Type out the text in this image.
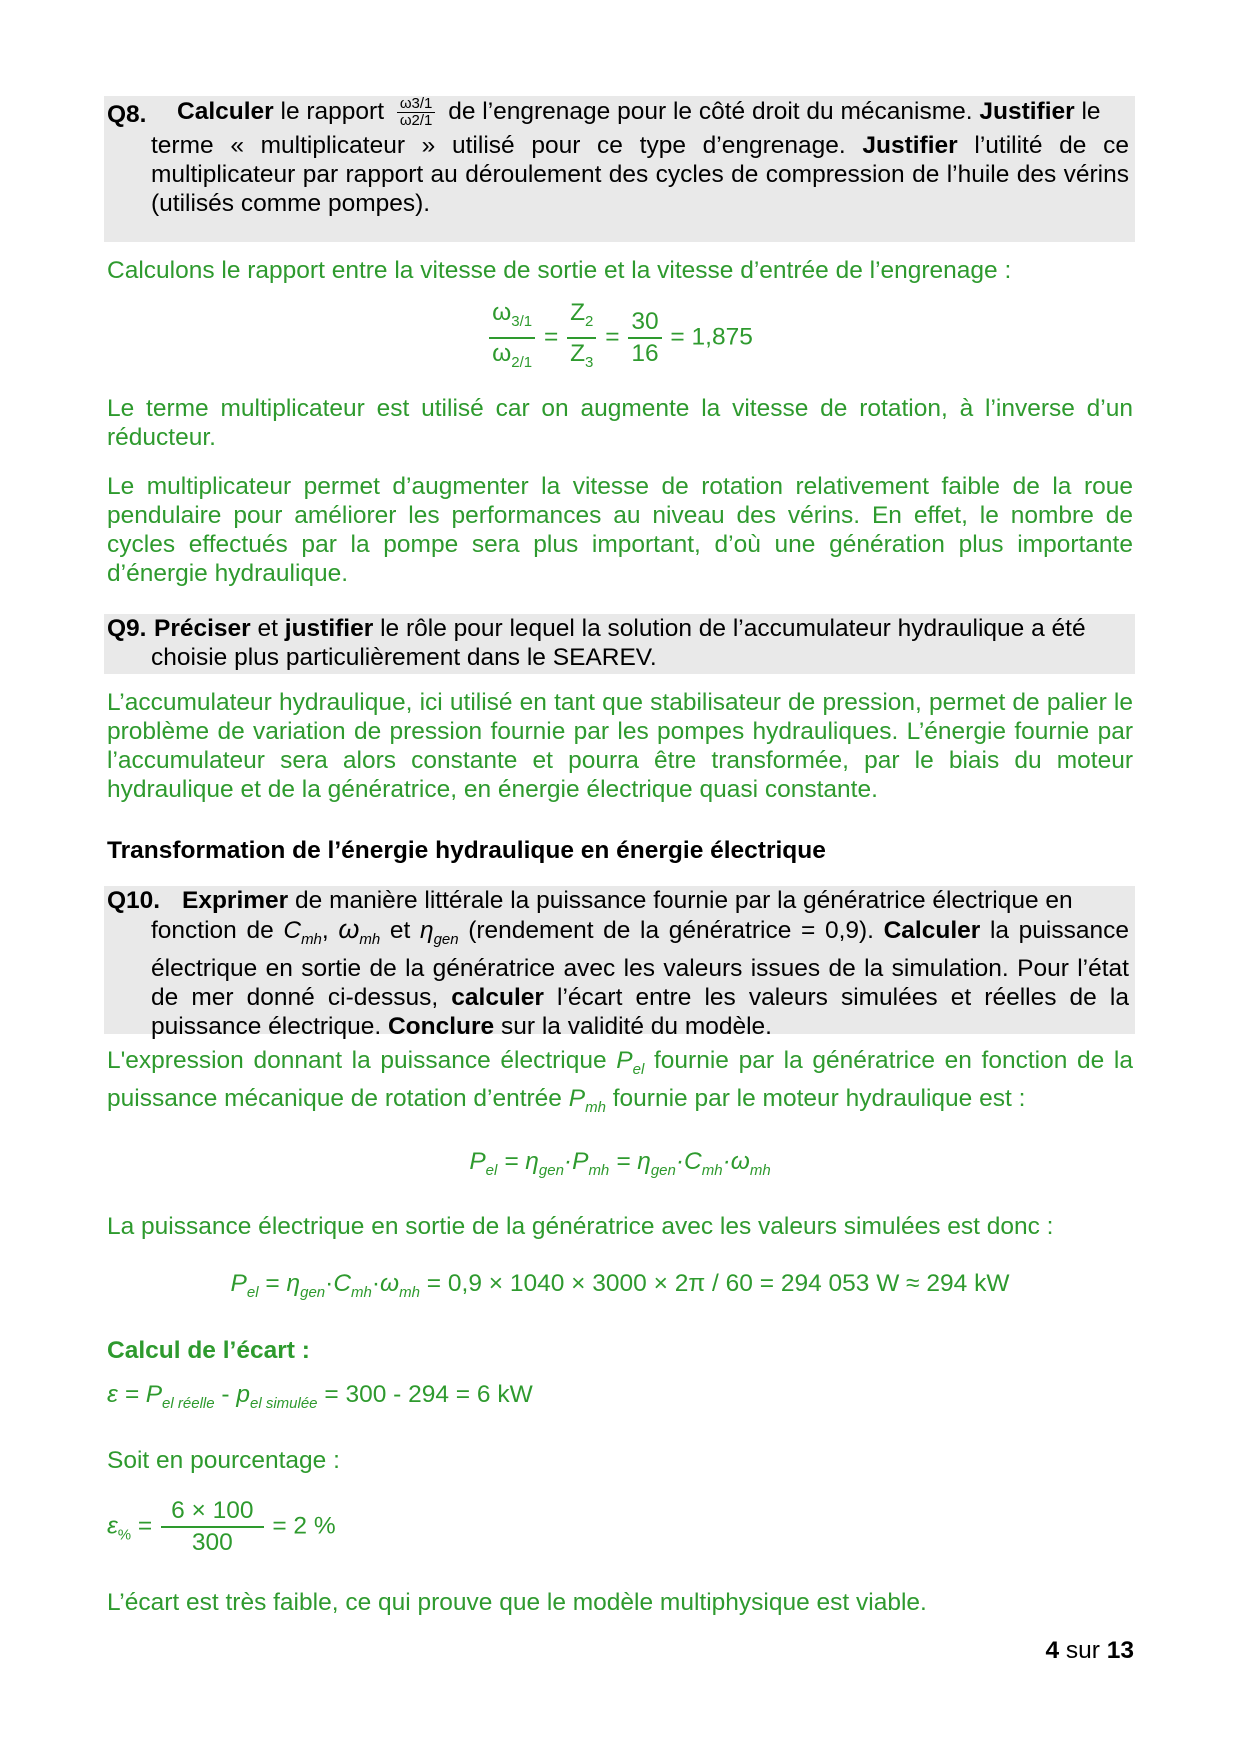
Q8.	Calculer le rapport $\frac{\omega 3/1}{\omega 2/1}$ de l’engrenage pour le côté droit du mécanisme. Justifier le
terme « multiplicateur » utilisé pour ce type d’engrenage. Justifier l’utilité de ce multiplicateur par rapport au déroulement des cycles de compression de l’huile des vérins (utilisés comme pompes).
Calculons le rapport entre la vitesse de sortie et la vitesse d’entrée de l’engrenage :
$\frac{\omega_{3/1}}{\omega_{2/1}} = \frac{Z_2}{Z_3} = \frac{30}{16} = 1,875$
Le terme multiplicateur est utilisé car on augmente la vitesse de rotation, à l’inverse d’un réducteur.
Le multiplicateur permet d’augmenter la vitesse de rotation relativement faible de la roue pendulaire pour améliorer les performances au niveau des vérins. En effet, le nombre de cycles effectués par la pompe sera plus important, d’où une génération plus importante d’énergie hydraulique.
Q9. Préciser et justifier le rôle pour lequel la solution de l’accumulateur hydraulique a été
choisie plus particulièrement dans le SEAREV.
L’accumulateur hydraulique, ici utilisé en tant que stabilisateur de pression, permet de palier le problème de variation de pression fournie par les pompes hydrauliques. L’énergie fournie par l’accumulateur sera alors constante et pourra être transformée, par le biais du moteur hydraulique et de la génératrice, en énergie électrique quasi constante.
Transformation de l’énergie hydraulique en énergie électrique
Q10. Exprimer de manière littérale la puissance fournie par la génératrice électrique en
fonction de $C_{mh}$, $\omega_{mh}$ et $\eta_{gen}$ (rendement de la génératrice = 0,9). Calculer la puissance électrique en sortie de la génératrice avec les valeurs issues de la simulation. Pour l’état de mer donné ci-dessus, calculer l’écart entre les valeurs simulées et réelles de la puissance électrique. Conclure sur la validité du modèle.
L'expression donnant la puissance électrique $P_{el}$ fournie par la génératrice en fonction de la puissance mécanique de rotation d’entrée $P_{mh}$ fournie par le moteur hydraulique est :
$P_{el} = \eta_{gen}\cdot P_{mh} = \eta_{gen}\cdot C_{mh}\cdot\omega_{mh}$
La puissance électrique en sortie de la génératrice avec les valeurs simulées est donc :
$P_{el} = \eta_{gen}\cdot C_{mh}\cdot\omega_{mh} = 0,9 \times 1040 \times 3000 \times 2\pi / 60 = 294$ 053 W ≈ 294 kW
Calcul de l’écart :
$\varepsilon = P_{el réelle} - p_{el simulée} = 300 - 294 = 6$ kW
Soit en pourcentage :
$\varepsilon_{\%} = \frac{6 \times 100}{300} = 2$ %
L’écart est très faible, ce qui prouve que le modèle multiphysique est viable.
4 sur 13
